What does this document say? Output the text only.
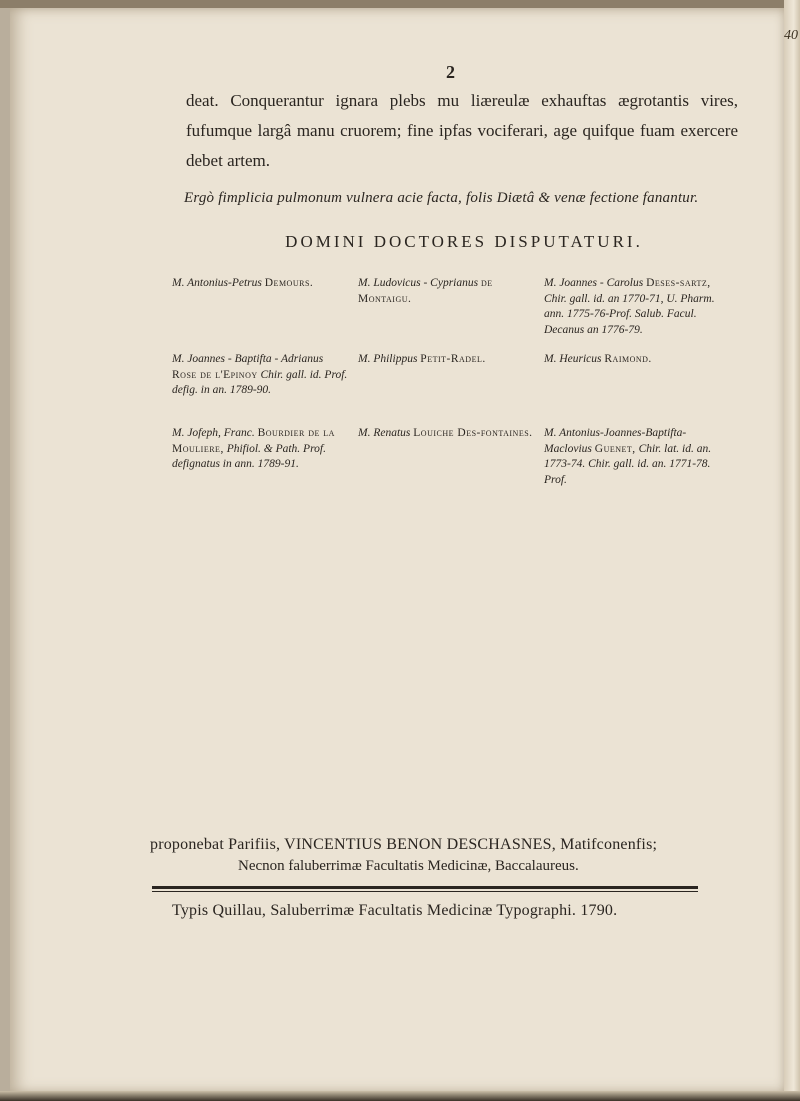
40
2
deat. Conquerantur ignara plebs mu liæreulæ exhauftas ægrotantis vires, fufumque largâ manu cruorem; fine ipfas vociferari, age quifque fuam exercere debet artem.
Ergò fimplicia pulmonum vulnera acie facta, folis Diætâ & venæ fectione fanantur.
DOMINI DOCTORES DISPUTATURI.
M. Antonius-Petrus Demours.	M. Ludovicus - Cyprianus de Montaigu.
M. Joannes - Carolus Deses-sartz, Chir. gall. id. an 1770-71, U. Pharm. ann. 1775-76-Prof. Salub. Facul. Decanus an 1776-79.
M. Joannes - Baptifta - Adrianus Rose de l'Epinoy Chir. gall. id. Prof. defig. in an. 1789-90.
M. Philippus Petit-Radel.	M. Heuricus Raimond.
M. Jofeph, Franc. Bourdier de la Mouliere, Phifiol. & Path. Prof. defignatus in ann. 1789-91.
M. Renatus Louiche Des-fontaines. M. Antonius-Joannes-Baptifta-Maclovius Guenet, Chir. lat. id. an. 1773-74. Chir. gall. id. an. 1771-78. Prof.
proponebat Parifiis, VINCENTIUS BENON DESCHASNES, Matifconenfis;
Necnon faluberrimæ Facultatis Medicinæ, Baccalaureus.
Typis Quillau, Saluberrimæ Facultatis Medicinæ Typographi. 1790.
